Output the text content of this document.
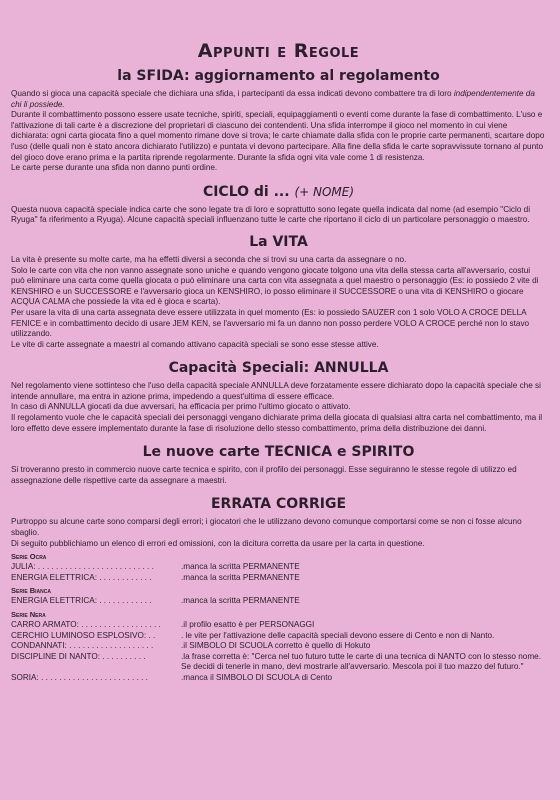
Appunti e Regole
la SFIDA: aggiornamento al regolamento

Quando si gioca una capacità speciale che dichiara una sfida, i partecipanti da essa indicati devono combattere tra di loro indipendentemente da chi li possiede.

Durante il combattimento possono essere usate tecniche, spiriti, speciali, equipaggiamenti o eventi come durante la fase di combattimento. L'uso e l'attivazione di tali carte è a discrezione del proprietari di ciascuno dei contendenti. Una sfida interrompe il gioco nel momento in cui viene dichiarata: ogni carta giocata fino a quel momento rimane dove si trova; le carte chiamate dalla sfida con le proprie carte permanenti, scartare dopo l'uso (delle quali non è stato ancora dichiarato l'utilizzo) e puntata vi devono partecipare. Alla fine della sfida le carte sopravvissute tornano al punto del gioco dove erano prima e la partita riprende regolarmente. Durante la sfida ogni vita vale come 1 di resistenza.

Le carte perse durante una sfida non danno punti ordine.

CICLO di ... (+ NOME)

Questa nuova capacità speciale indica carte che sono legate tra di loro e soprattutto sono legate quella indicata dal nome (ad esempio "Ciclo di Ryuga" fa riferimento a Ryuga). Alcune capacità speciali influenzano tutte le carte che riportano il ciclo di un particolare personaggio o maestro.

La VITA

La vita è presente su molte carte, ma ha effetti diversi a seconda che si trovi su una carta da assegnare o no.

Solo le carte con vita che non vanno assegnate sono uniche e quando vengono giocate tolgono una vita della stessa carta all'avversario, costui può eliminare una carta come quella giocata o può eliminare una carta con vita assegnata a quel maestro o personaggio (Es: io possiedo 2 vite di KENSHIRO e un SUCCESSORE e l'avversario gioca un KENSHIRO, io posso eliminare il SUCCESSORE o una vita di KENSHIRO o giocare ACQUA CALMA che possiede la vita ed è gioca e scarta).

Per usare la vita di una carta assegnata deve essere utilizzata in quel momento (Es: io possiedo SAUZER con 1 solo VOLO A CROCE DELLA FENICE e in combattimento decido di usare JEM KEN, se l'avversario mi fa un danno non posso perdere VOLO A CROCE perché non lo stavo utilizzando.

Le vite di carte assegnate a maestri al comando attivano capacità speciali se sono esse stesse attive.

Capacità Speciali: ANNULLA

Nel regolamento viene sottinteso che l'uso della capacità speciale ANNULLA deve forzatamente essere dichiarato dopo la capacità speciale che si intende annullare, ma entra in azione prima, impedendo a quest'ultima di essere efficace.

In caso di ANNULLA giocati da due avversari, ha efficacia per primo l'ultimo giocato o attivato.

Il regolamento vuole che le capacità speciali dei personaggi vengano dichiarate prima della giocata di qualsiasi altra carta nel combattimento, ma il loro effetto deve essere implementato durante la fase di risoluzione dello stesso combattimento, prima della distribuzione dei danni.

Le nuove carte TECNICA e SPIRITO

Si troveranno presto in commercio nuove carte tecnica e spirito, con il profilo dei personaggi. Esse seguiranno le stesse regole di utilizzo ed assegnazione delle rispettive carte da assegnare a maestri.

ERRATA CORRIGE

Purtroppo su alcune carte sono comparsi degli errori; i giocatori che le utilizzano devono comunque comportarsi come se non ci fosse alcuno sbaglio.

Di seguito pubblichiamo un elenco di errori ed omissioni, con la dicitura corretta da usare per la carta in questione.

Serie Ocra
JULIA: . . . . . . . . . . . . . . . . . . . . . . . . . .	.manca la scritta PERMANENTE
ENERGIA ELETTRICA: . . . . . . . . . . . .	.manca la scritta PERMANENTE
Serie Bianca
ENERGIA ELETTRICA: . . . . . . . . . . . .	.manca la scritta PERMANENTE
Serie Nera
CARRO ARMATO: . . . . . . . . . . . . . . . . . .	.il profilo esatto è per PERSONAGGI
CERCHIO LUMINOSO ESPLOSIVO: . .	. le vite per l'attivazione delle capacità speciali devono essere di Cento e non di Nanto.
CONDANNATI: . . . . . . . . . . . . . . . . . . .	.il SIMBOLO DI SCUOLA corretto è quello di Hokuto
DISCIPLINE DI NANTO: . . . . . . . . . .	.la frase corretta è: "Cerca nel tuo futuro tutte le carte di una tecnica di NANTO con lo stesso nome. Se decidi di tenerle in mano, devi mostrarle all'avversario. Mescola poi il tuo mazzo del futuro."
SORIA: . . . . . . . . . . . . . . . . . . . . . . . .	.manca il SIMBOLO DI SCUOLA di Cento
